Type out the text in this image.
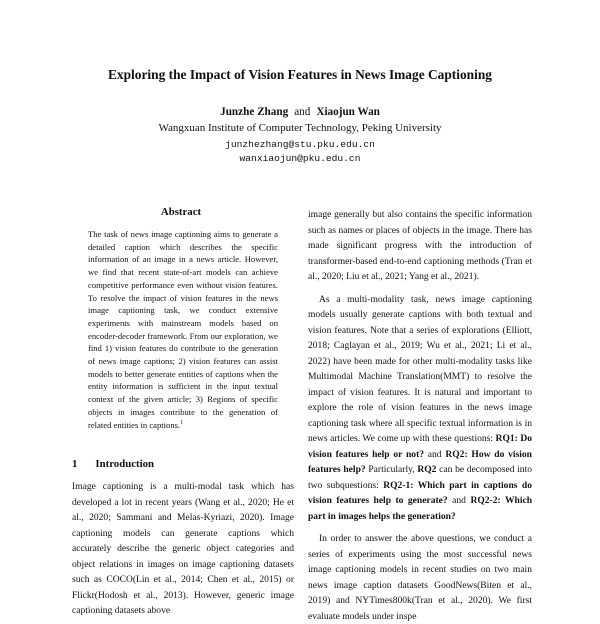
Exploring the Impact of Vision Features in News Image Captioning
Junzhe Zhang and Xiaojun Wan
Wangxuan Institute of Computer Technology, Peking University
junzhezhang@stu.pku.edu.cn
wanxiaojun@pku.edu.cn
Abstract
The task of news image captioning aims to generate a detailed caption which describes the specific information of an image in a news article. However, we find that recent state-of-art models can achieve competitive performance even without vision features. To resolve the impact of vision features in the news image captioning task, we conduct extensive experiments with mainstream models based on encoder-decoder framework. From our exploration, we find 1) vision features do contribute to the generation of news image captions; 2) vision features can assist models to better generate entities of captions when the entity information is sufficient in the input textual context of the given article; 3) Regions of specific objects in images contribute to the generation of related entities in captions.$^1$
1 Introduction
Image captioning is a multi-modal task which has developed a lot in recent years (Wang et al., 2020; He et al., 2020; Sammani and Melas-Kyriazi, 2020). Image captioning models can generate captions which accurately describe the generic object categories and object relations in images on image captioning datasets such as COCO(Lin et al., 2014; Chen et al., 2015) or Flickr(Hodosh et al., 2013). However, generic image captioning datasets above

image generally but also contains the specific information such as names or places of objects in the image. There has made significant progress with the introduction of transformer-based end-to-end captioning methods (Tran et al., 2020; Liu et al., 2021; Yang et al., 2021).

As a multi-modality task, news image captioning models usually generate captions with both textual and vision features. Note that a series of explorations (Elliott, 2018; Caglayan et al., 2019; Wu et al., 2021; Li et al., 2022) have been made for other multi-modality tasks like Multimodal Machine Translation(MMT) to resolve the impact of vision features. It is natural and important to explore the role of vision features in the news image captioning task where all specific textual information is in news articles. We come up with these questions: RQ1: Do vision features help or not? and RQ2: How do vision features help? Particularly, RQ2 can be decomposed into two subquestions: RQ2-1: Which part in captions do vision features help to generate? and RQ2-2: Which part in images helps the generation?

In order to answer the above questions, we conduct a series of experiments using the most successful news image captioning models in recent studies on two main news image caption datasets GoodNews(Biten et al., 2019) and NYTimes800k(Tran et al., 2020). We first evaluate models under inspe
